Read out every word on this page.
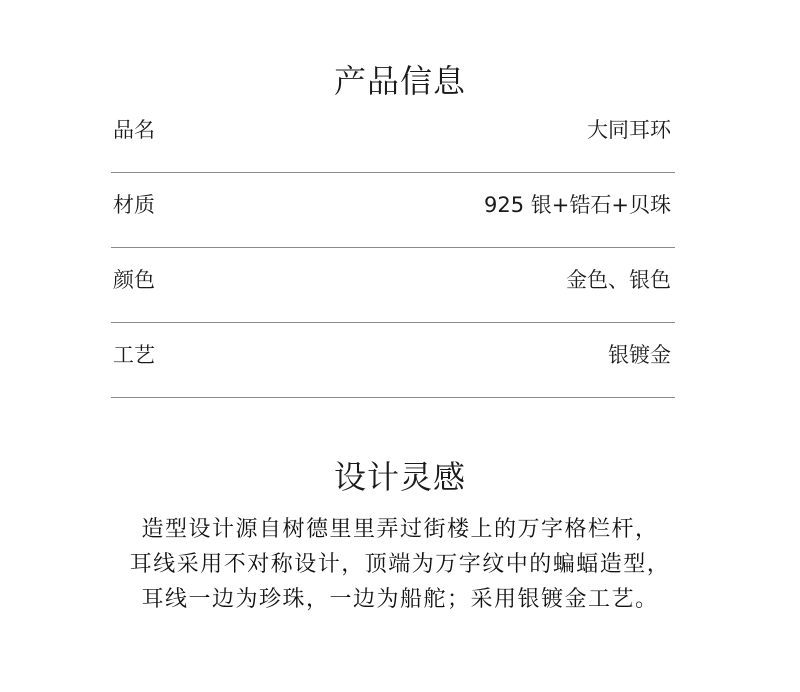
产品信息
品名	大同耳环
材质	925 银+锆石+贝珠
颜色	金色、银色
工艺	银镀金
设计灵感
造型设计源自树德里里弄过街楼上的万字格栏杆，
耳线采用不对称设计，顶端为万字纹中的蝙蝠造型，
耳线一边为珍珠，一边为船舵；采用银镀金工艺。
